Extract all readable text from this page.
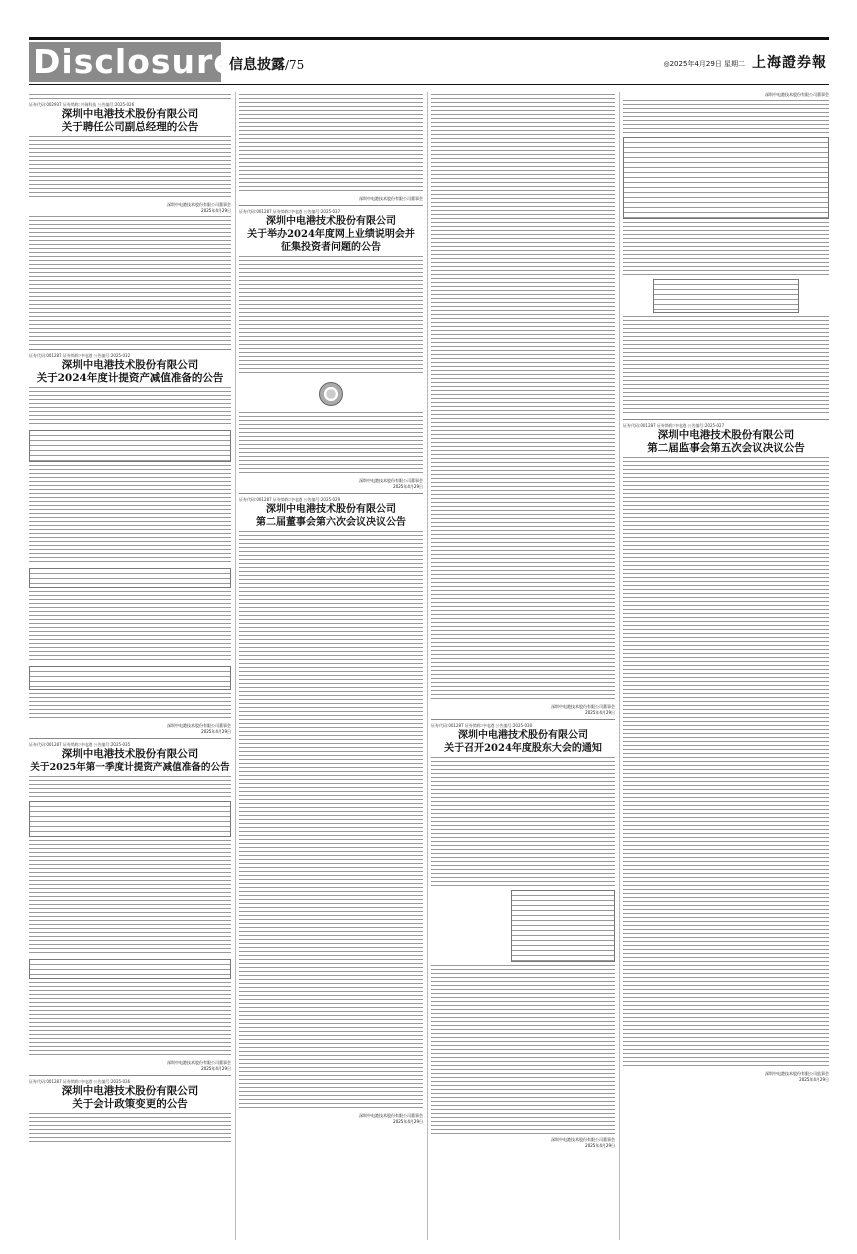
Disclosure
信息披露/75	◎2025年4月29日 星期二 上海證券報
证券代码:002937 证券简称:兴瑞科技 公告编号:2025-026
深圳中电港技术股份有限公司
关于聘任公司副总经理的公告
深圳中电港技术股份有限公司董事会
2025年4月29日
证券代码:001287 证券简称:中电港 公告编号:2025-032
深圳中电港技术股份有限公司
关于2024年度计提资产减值准备的公告
深圳中电港技术股份有限公司董事会
2025年4月29日
证券代码:001287 证券简称:中电港 公告编号:2025-035
深圳中电港技术股份有限公司
关于2025年第一季度计提资产减值准备的公告
深圳中电港技术股份有限公司董事会
2025年4月29日
证券代码:001287 证券简称:中电港 公告编号:2025-036
深圳中电港技术股份有限公司
关于会计政策变更的公告
深圳中电港技术股份有限公司董事会
证券代码:001287 证券简称:中电港 公告编号:2025-037
深圳中电港技术股份有限公司
关于举办2024年度网上业绩说明会并征集投资者问题的公告
深圳中电港技术股份有限公司董事会
2025年4月29日
证券代码:001287 证券简称:中电港 公告编号:2025-029
深圳中电港技术股份有限公司
第二届董事会第六次会议决议公告
深圳中电港技术股份有限公司董事会
2025年4月29日
深圳中电港技术股份有限公司董事会
2025年4月29日
证券代码:001287 证券简称:中电港 公告编号:2025-030
深圳中电港技术股份有限公司
关于召开2024年度股东大会的通知
深圳中电港技术股份有限公司董事会
2025年4月29日
深圳中电港技术股份有限公司董事会
证券代码:001287 证券简称:中电港 公告编号:2025-027
深圳中电港技术股份有限公司
第二届监事会第五次会议决议公告
深圳中电港技术股份有限公司监事会
2025年4月29日
